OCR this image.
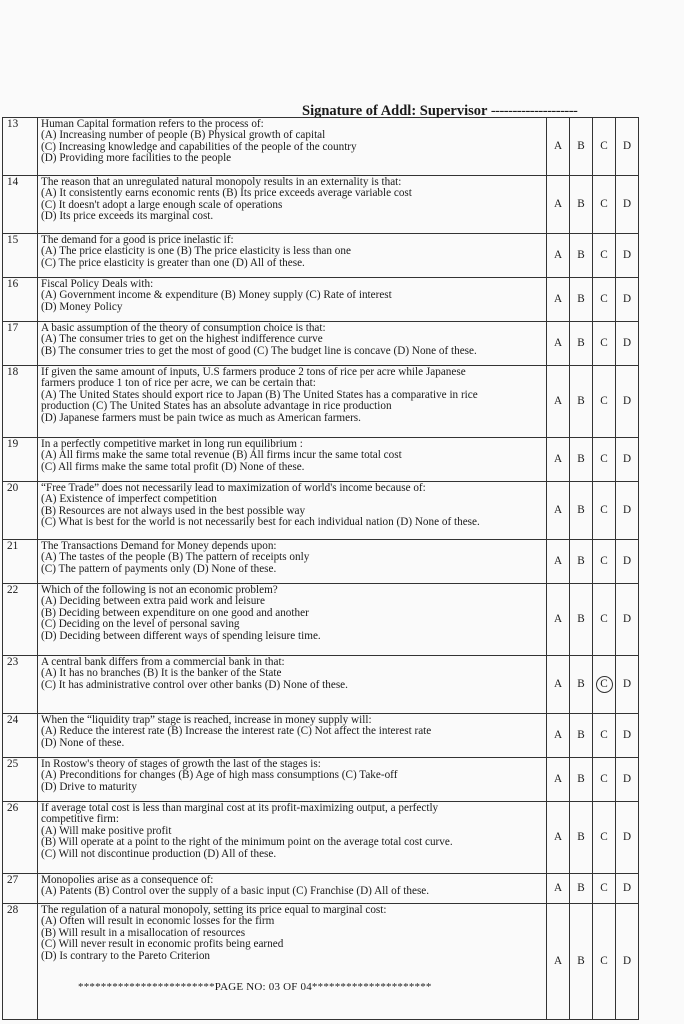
Signature of Addl: Supervisor --------------------
13	Human Capital formation refers to the process of:
(A) Increasing number of people (B) Physical growth of capital
(C) Increasing knowledge and capabilities of the people of the country
(D) Providing more facilities to the people	A	B	C	D
14	The reason that an unregulated natural monopoly results in an externality is that:
(A) It consistently earns economic rents (B) Its price exceeds average variable cost
(C) It doesn't adopt a large enough scale of operations
(D) Its price exceeds its marginal cost.	A	B	C	D
15	The demand for a good is price inelastic if:
(A) The price elasticity is one (B) The price elasticity is less than one
(C) The price elasticity is greater than one (D) All of these.	A	B	C	D
16	Fiscal Policy Deals with:
(A) Government income & expenditure (B) Money supply (C) Rate of interest
(D) Money Policy	A	B	C	D
17	A basic assumption of the theory of consumption choice is that:
(A) The consumer tries to get on the highest indifference curve
(B) The consumer tries to get the most of good (C) The budget line is concave (D) None of these.	A	B	C	D
18	If given the same amount of inputs, U.S farmers produce 2 tons of rice per acre while Japanese
farmers produce 1 ton of rice per acre, we can be certain that:
(A) The United States should export rice to Japan (B) The United States has a comparative in rice
production (C) The United States has an absolute advantage in rice production
(D) Japanese farmers must be pain twice as much as American farmers.	A	B	C	D
19	In a perfectly competitive market in long run equilibrium :
(A) All firms make the same total revenue (B) All firms incur the same total cost
(C) All firms make the same total profit (D) None of these.	A	B	C	D
20	“Free Trade” does not necessarily lead to maximization of world's income because of:
(A) Existence of imperfect competition
(B) Resources are not always used in the best possible way
(C) What is best for the world is not necessarily best for each individual nation (D) None of these.	A	B	C	D
21	The Transactions Demand for Money depends upon:
(A) The tastes of the people (B) The pattern of receipts only
(C) The pattern of payments only (D) None of these.	A	B	C	D
22	Which of the following is not an economic problem?
(A) Deciding between extra paid work and leisure
(B) Deciding between expenditure on one good and another
(C) Deciding on the level of personal saving
(D) Deciding between different ways of spending leisure time.	A	B	C	D
23	A central bank differs from a commercial bank in that:
(A) It has no branches (B) It is the banker of the State
(C) It has administrative control over other banks (D) None of these.	A	B	C	D
24	When the “liquidity trap” stage is reached, increase in money supply will:
(A) Reduce the interest rate (B) Increase the interest rate (C) Not affect the interest rate
(D) None of these.	A	B	C	D
25	In Rostow's theory of stages of growth the last of the stages is:
(A) Preconditions for changes (B) Age of high mass consumptions (C) Take-off
(D) Drive to maturity	A	B	C	D
26	If average total cost is less than marginal cost at its profit-maximizing output, a perfectly
competitive firm:
(A) Will make positive profit
(B) Will operate at a point to the right of the minimum point on the average total cost curve.
(C) Will not discontinue production (D) All of these.	A	B	C	D
27	Monopolies arise as a consequence of:
(A) Patents (B) Control over the supply of a basic input (C) Franchise (D) All of these.	A	B	C	D
28	The regulation of a natural monopoly, setting its price equal to marginal cost:
(A) Often will result in economic losses for the firm
(B) Will result in a misallocation of resources
(C) Will never result in economic profits being earned
(D) Is contrary to the Pareto Criterion	A	B	C	D
************************PAGE NO: 03 OF 04*********************
